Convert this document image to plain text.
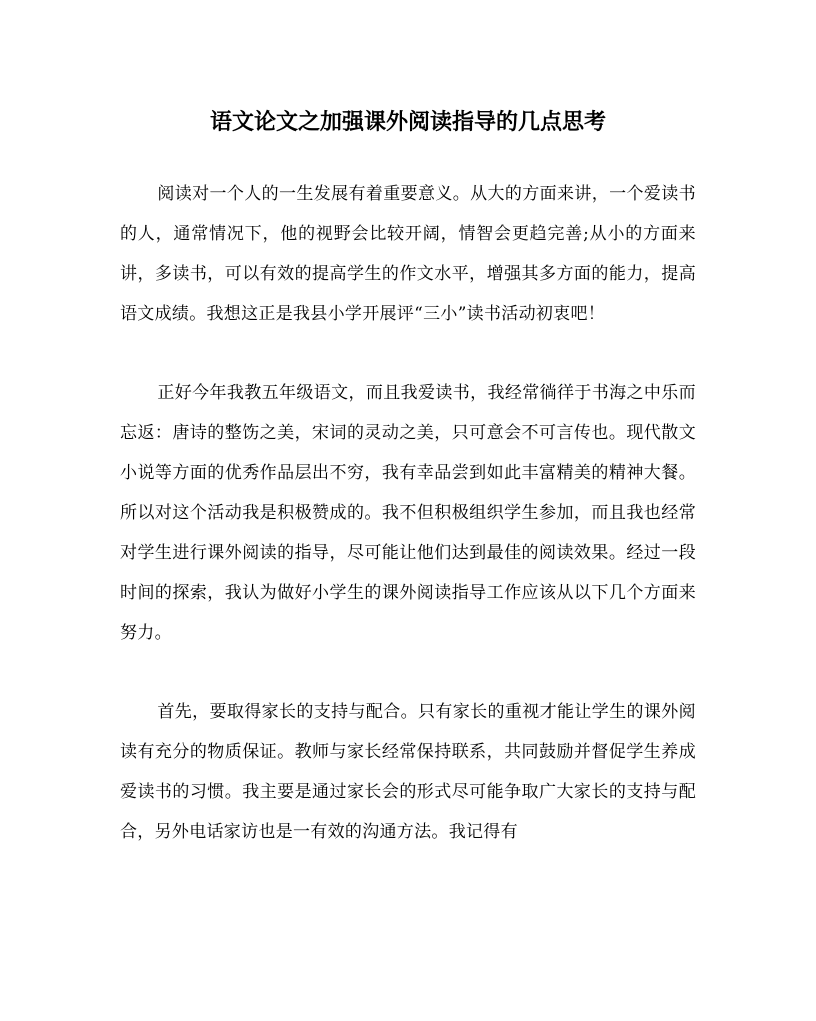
语文论文之加强课外阅读指导的几点思考

阅读对一个人的一生发展有着重要意义。从大的方面来讲，一个爱读书的人，通常情况下，他的视野会比较开阔，情智会更趋完善;从小的方面来讲，多读书，可以有效的提高学生的作文水平，增强其多方面的能力，提高语文成绩。我想这正是我县小学开展评“三小”读书活动初衷吧！

正好今年我教五年级语文，而且我爱读书，我经常徜徉于书海之中乐而忘返：唐诗的整饬之美，宋词的灵动之美，只可意会不可言传也。现代散文小说等方面的优秀作品层出不穷，我有幸品尝到如此丰富精美的精神大餐。所以对这个活动我是积极赞成的。我不但积极组织学生参加，而且我也经常对学生进行课外阅读的指导，尽可能让他们达到最佳的阅读效果。经过一段时间的探索，我认为做好小学生的课外阅读指导工作应该从以下几个方面来努力。

首先，要取得家长的支持与配合。只有家长的重视才能让学生的课外阅读有充分的物质保证。教师与家长经常保持联系，共同鼓励并督促学生养成爱读书的习惯。我主要是通过家长会的形式尽可能争取广大家长的支持与配合，另外电话家访也是一有效的沟通方法。我记得有
